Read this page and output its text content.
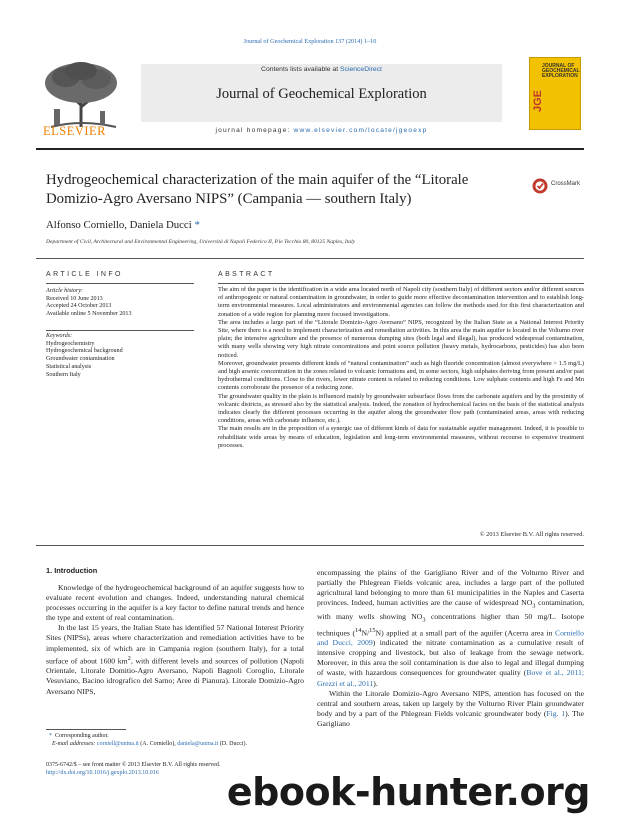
Journal of Geochemical Exploration 137 (2014) 1–10
ELSEVIER
Contents lists available at ScienceDirect
Journal of Geochemical Exploration
journal homepage: www.elsevier.com/locate/jgeoexp
JGE
JOURNAL OF GEOCHEMICAL EXPLORATION
Hydrogeochemical characterization of the main aquifer of the “Litorale Domizio-Agro Aversano NIPS” (Campania — southern Italy)
CrossMark
Alfonso Corniello, Daniela Ducci *
Department of Civil, Architectural and Environmental Engineering, Università di Napoli Federico II, P.le Tecchio 80, 80125 Naples, Italy
ARTICLE INFO	ABSTRACT
Article history:
Received 10 June 2013
Accepted 24 October 2013
Available online 5 November 2013
Keywords:
Hydrogeochemistry
Hydrogeochemical background
Groundwater contamination
Statistical analysis
Southern Italy

The aim of the paper is the identification in a wide area located north of Napoli city (southern Italy) of different sectors and/or different sources of anthropogenic or natural contamination in groundwater, in order to guide more effective decontamination intervention and to establish long-term environmental measures. Local administrators and environmental agencies can follow the methods used for this first characterization and zonation of a wide region for planning more focused investigations.

The area includes a large part of the “Litorale Domizio-Agro Aversano” NIPS, recognized by the Italian State as a National Interest Priority Site, where there is a need to implement characterization and remediation activities. In this area the main aquifer is located in the Volturno river plain; the intensive agriculture and the presence of numerous dumping sites (both legal and illegal), has produced widespread contamination, with many wells showing very high nitrate concentrations and point source pollution (heavy metals, hydrocarbons, pesticides) has also been noticed.

Moreover, groundwater presents different kinds of “natural contamination” such as high fluoride concentration (almost everywhere > 1.5 mg/L) and high arsenic concentration in the zones related to volcanic formations and, in some sectors, high sulphates deriving from present and/or past hydrothermal conditions. Close to the rivers, lower nitrate content is related to reducing conditions. Low sulphate contents and high Fe and Mn contents corroborate the presence of a reducing zone.

The groundwater quality in the plain is influenced mainly by groundwater subsurface flows from the carbonate aquifers and by the proximity of volcanic districts, as stressed also by the statistical analysis. Indeed, the zonation of hydrochemical facies on the basis of the statistical analysis indicates clearly the different processes occurring in the aquifer along the groundwater flow path (contaminated areas, areas with reducing conditions, areas with carbonate influence, etc.).

The main results are in the proposition of a synergic use of different kinds of data for sustainable aquifer management. Indeed, it is possible to rehabilitate wide areas by means of education, legislation and long-term environmental measures, without recourse to expensive treatment processes.

© 2013 Elsevier B.V. All rights reserved.
1. Introduction

Knowledge of the hydrogeochemical background of an aquifer suggests how to evaluate recent evolution and changes. Indeed, understanding natural chemical processes occurring in the aquifer is a key factor to define natural trends and hence the type and extent of real contamination.

In the last 15 years, the Italian State has identified 57 National Interest Priority Sites (NIPSs), areas where characterization and remediation activities have to be implemented, six of which are in Campania region (southern Italy), for a total surface of about 1600 $km^2$, with different levels and sources of pollution (Napoli Orientale, Litorale Domitio-Agro Aversano, Napoli Bagnoli Coroglio, Litorale Vesuviano, Bacino idrografico del Sarno; Aree di Pianura). Litorale Domizio-Agro Aversano NIPS,

encompassing the plains of the Garigliano River and of the Volturno River and partially the Phlegrean Fields volcanic area, includes a large part of the polluted agricultural land belonging to more than 61 municipalities in the Naples and Caserta provinces. Indeed, human activities are the cause of widespread $NO_3$ contamination, with many wells showing $NO_3$ concentrations higher than 50 mg/L. Isotope techniques ($^{14}$N/$^{15}$N) applied at a small part of the aquifer (Acerra area in Corniello and Ducci, 2009) indicated the nitrate contamination as a cumulative result of intensive cropping and livestock, but also of leakage from the sewage network. Moreover, in this area the soil contamination is due also to legal and illegal dumping of waste, with hazardous consequences for groundwater quality (Bove et al., 2011; Grezzi et al., 2011).

Within the Litorale Domizio-Agro Aversano NIPS, attention has focused on the central and southern areas, taken up largely by the Volturno River Plain groundwater body and by a part of the Phlegrean Fields volcanic groundwater body (Fig. 1). The Garigliano

* Corresponding author.
E-mail addresses: corniell@unina.it (A. Corniello), daniela@unina.it (D. Ducci).
0375-6742/$ – see front matter © 2013 Elsevier B.V. All rights reserved.
http://dx.doi.org/10.1016/j.gexplo.2013.10.016	ebook-hunter.org
